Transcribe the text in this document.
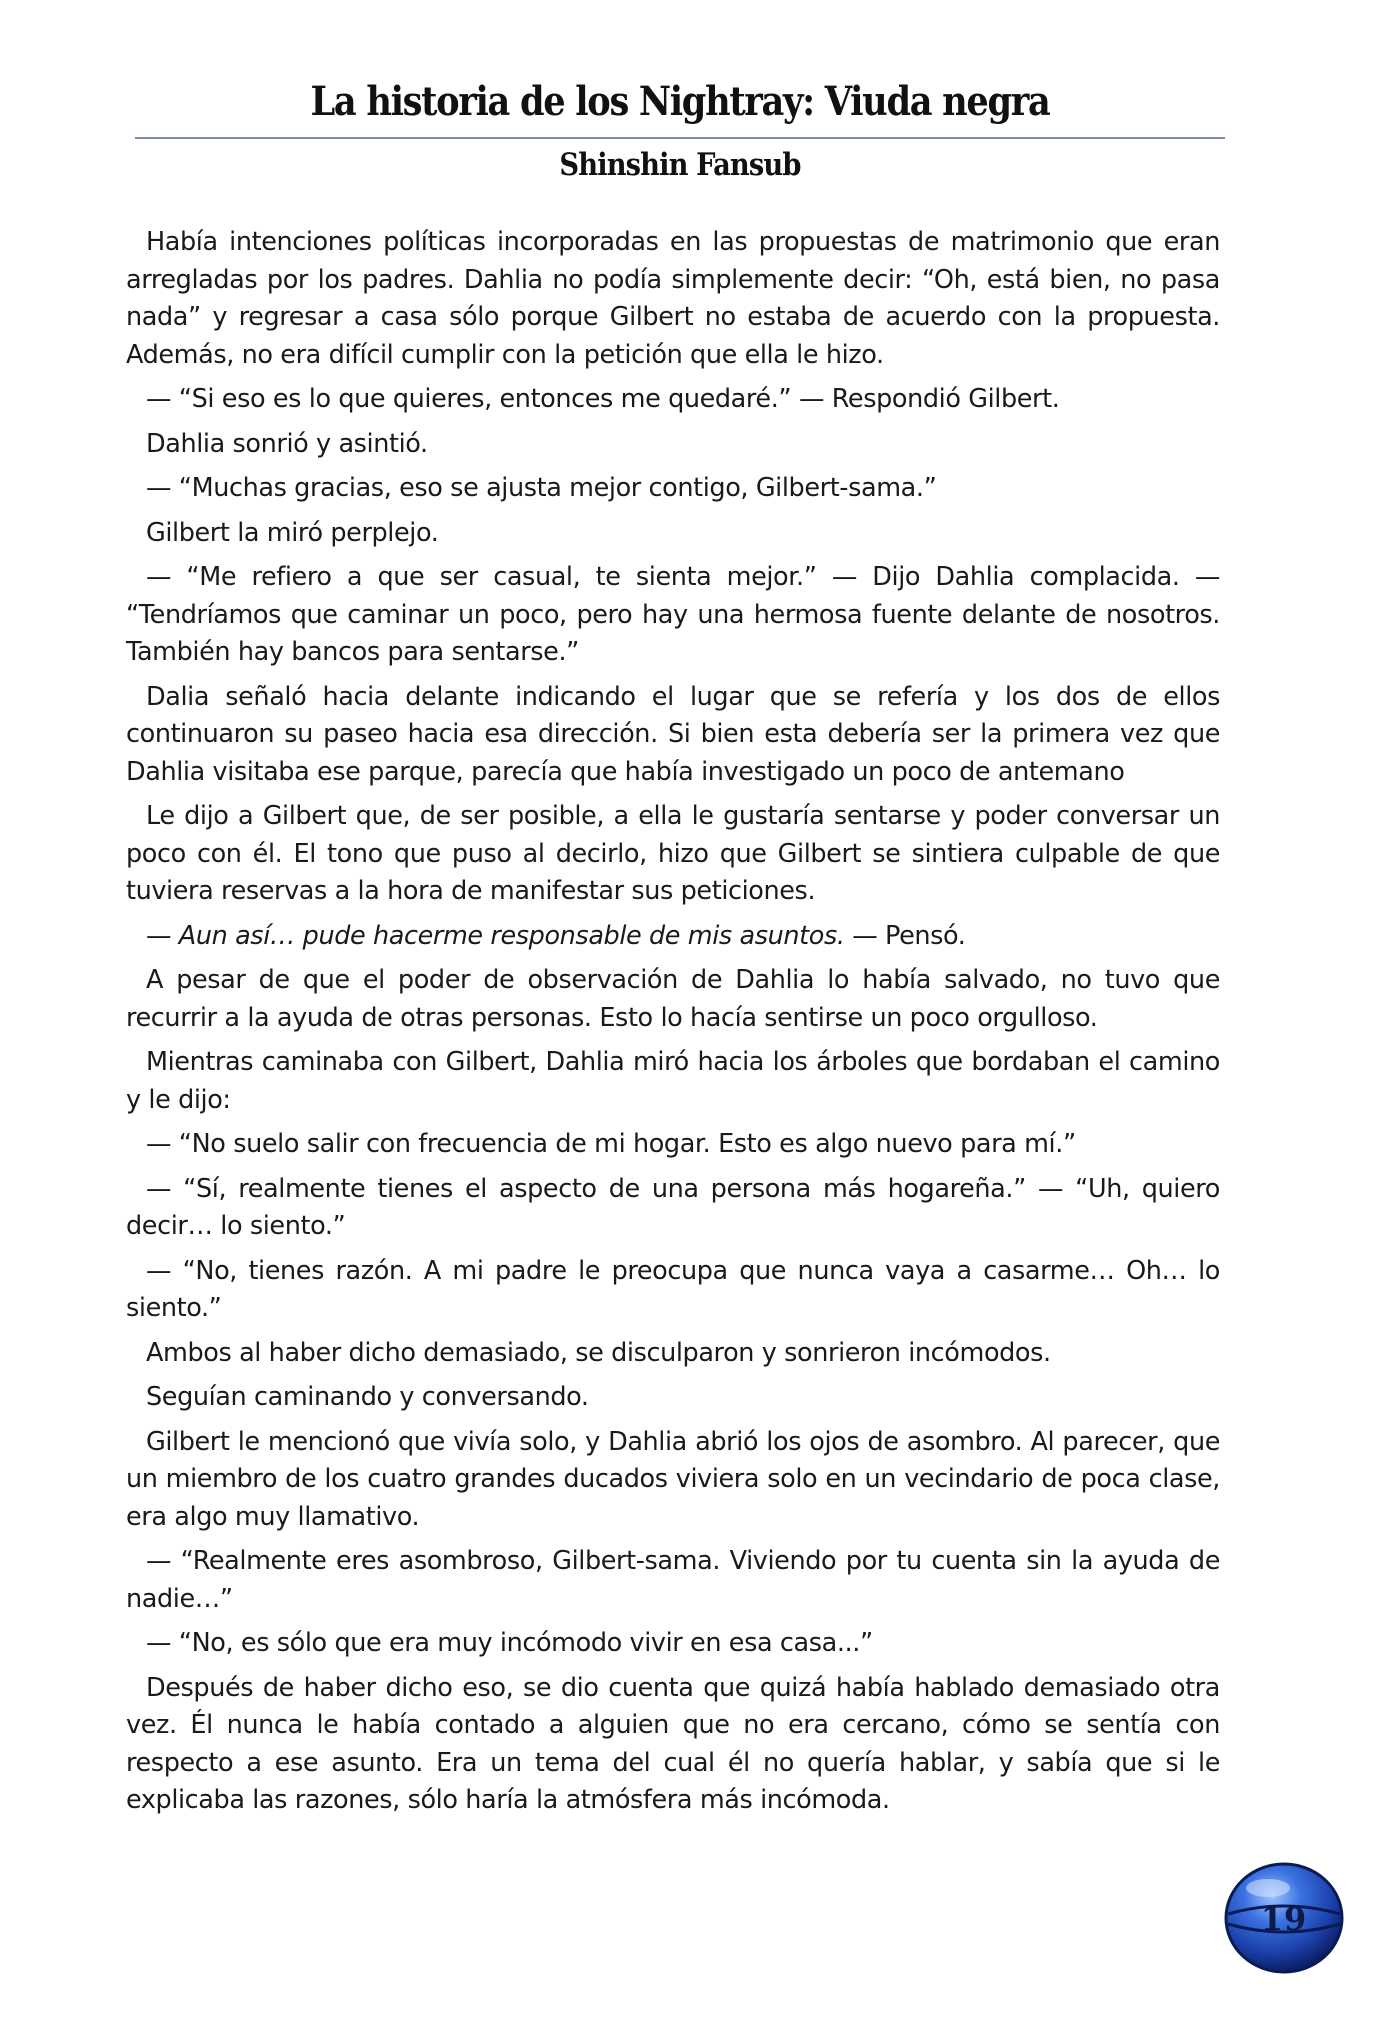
La historia de los Nightray: Viuda negra
Shinshin Fansub

Había intenciones políticas incorporadas en las propuestas de matrimonio que eran arregladas por los padres. Dahlia no podía simplemente decir: “Oh, está bien, no pasa nada” y regresar a casa sólo porque Gilbert no estaba de acuerdo con la propuesta. Además, no era difícil cumplir con la petición que ella le hizo.

— “Si eso es lo que quieres, entonces me quedaré.” — Respondió Gilbert.

Dahlia sonrió y asintió.

— “Muchas gracias, eso se ajusta mejor contigo, Gilbert-sama.”

Gilbert la miró perplejo.

— “Me refiero a que ser casual, te sienta mejor.” — Dijo Dahlia complacida. — “Tendríamos que caminar un poco, pero hay una hermosa fuente delante de nosotros. También hay bancos para sentarse.”

Dalia señaló hacia delante indicando el lugar que se refería y los dos de ellos continuaron su paseo hacia esa dirección. Si bien esta debería ser la primera vez que Dahlia visitaba ese parque, parecía que había investigado un poco de antemano

Le dijo a Gilbert que, de ser posible, a ella le gustaría sentarse y poder conversar un poco con él. El tono que puso al decirlo, hizo que Gilbert se sintiera culpable de que tuviera reservas a la hora de manifestar sus peticiones.

— Aun así… pude hacerme responsable de mis asuntos. — Pensó.

A pesar de que el poder de observación de Dahlia lo había salvado, no tuvo que recurrir a la ayuda de otras personas. Esto lo hacía sentirse un poco orgulloso.

Mientras caminaba con Gilbert, Dahlia miró hacia los árboles que bordaban el camino y le dijo:

— “No suelo salir con frecuencia de mi hogar. Esto es algo nuevo para mí.”

— “Sí, realmente tienes el aspecto de una persona más hogareña.” — “Uh, quiero decir… lo siento.”

— “No, tienes razón. A mi padre le preocupa que nunca vaya a casarme… Oh… lo siento.”

Ambos al haber dicho demasiado, se disculparon y sonrieron incómodos.

Seguían caminando y conversando.

Gilbert le mencionó que vivía solo, y Dahlia abrió los ojos de asombro. Al parecer, que un miembro de los cuatro grandes ducados viviera solo en un vecindario de poca clase, era algo muy llamativo.

— “Realmente eres asombroso, Gilbert-sama. Viviendo por tu cuenta sin la ayuda de nadie…”

— “No, es sólo que era muy incómodo vivir en esa casa...”

Después de haber dicho eso, se dio cuenta que quizá había hablado demasiado otra vez. Él nunca le había contado a alguien que no era cercano, cómo se sentía con respecto a ese asunto. Era un tema del cual él no quería hablar, y sabía que si le explicaba las razones, sólo haría la atmósfera más incómoda.

19
